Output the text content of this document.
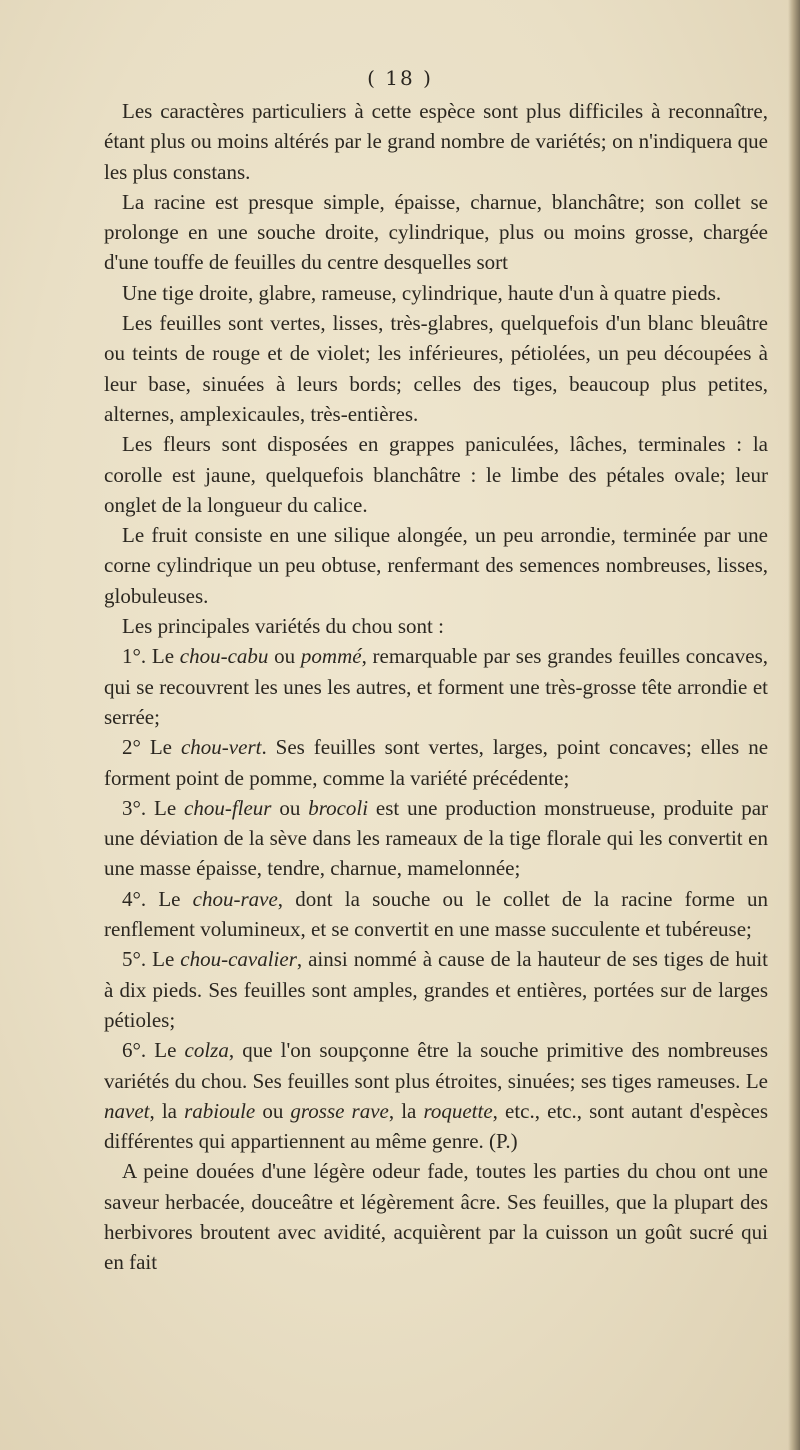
( 18 )

Les caractères particuliers à cette espèce sont plus difficiles à reconnaître, étant plus ou moins altérés par le grand nombre de variétés; on n'indiquera que les plus constans.

La racine est presque simple, épaisse, charnue, blanchâtre; son collet se prolonge en une souche droite, cylindrique, plus ou moins grosse, chargée d'une touffe de feuilles du centre desquelles sort

Une tige droite, glabre, rameuse, cylindrique, haute d'un à quatre pieds.

Les feuilles sont vertes, lisses, très-glabres, quelquefois d'un blanc bleuâtre ou teints de rouge et de violet; les inférieures, pétiolées, un peu découpées à leur base, sinuées à leurs bords; celles des tiges, beaucoup plus petites, alternes, amplexicaules, très-entières.

Les fleurs sont disposées en grappes paniculées, lâches, terminales : la corolle est jaune, quelquefois blanchâtre : le limbe des pétales ovale; leur onglet de la longueur du calice.

Le fruit consiste en une silique alongée, un peu arrondie, terminée par une corne cylindrique un peu obtuse, renfermant des semences nombreuses, lisses, globuleuses.

Les principales variétés du chou sont :

1°. Le chou-cabu ou pommé, remarquable par ses grandes feuilles concaves, qui se recouvrent les unes les autres, et forment une très-grosse tête arrondie et serrée;

2° Le chou-vert. Ses feuilles sont vertes, larges, point concaves; elles ne forment point de pomme, comme la variété précédente;

3°. Le chou-fleur ou brocoli est une production monstrueuse, produite par une déviation de la sève dans les rameaux de la tige florale qui les convertit en une masse épaisse, tendre, charnue, mamelonnée;

4°. Le chou-rave, dont la souche ou le collet de la racine forme un renflement volumineux, et se convertit en une masse succulente et tubéreuse;

5°. Le chou-cavalier, ainsi nommé à cause de la hauteur de ses tiges de huit à dix pieds. Ses feuilles sont amples, grandes et entières, portées sur de larges pétioles;

6°. Le colza, que l'on soupçonne être la souche primitive des nombreuses variétés du chou. Ses feuilles sont plus étroites, sinuées; ses tiges rameuses. Le navet, la rabioule ou grosse rave, la roquette, etc., etc., sont autant d'espèces différentes qui appartiennent au même genre. (P.)

A peine douées d'une légère odeur fade, toutes les parties du chou ont une saveur herbacée, douceâtre et légèrement âcre. Ses feuilles, que la plupart des herbivores broutent avec avidité, acquièrent par la cuisson un goût sucré qui en fait
